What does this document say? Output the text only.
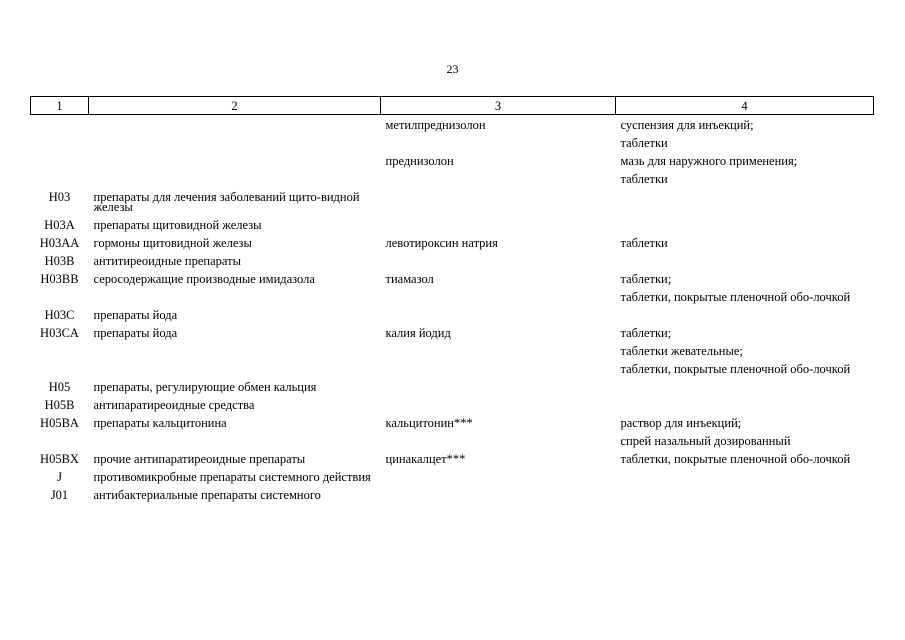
23
1	2	3	4
		метилпреднизолон	суспензия для инъекций;
			таблетки
		преднизолон	мазь для наружного применения;
			таблетки
H03	препараты для лечения заболеваний щито-видной железы		
H03A	препараты щитовидной железы		
H03AA	гормоны щитовидной железы	левотироксин натрия	таблетки
H03B	антитиреоидные препараты		
H03BB	серосодержащие производные имидазола	тиамазол	таблетки;
			таблетки, покрытые пленочной обо-лочкой
H03C	препараты йода		
H03CA	препараты йода	калия йодид	таблетки;
			таблетки жевательные;
			таблетки, покрытые пленочной обо-лочкой
H05	препараты, регулирующие обмен кальция		
H05B	антипаратиреоидные средства		
H05BA	препараты кальцитонина	кальцитонин***	раствор для инъекций;
			спрей назальный дозированный
H05BX	прочие антипаратиреоидные препараты	цинакалцет***	таблетки, покрытые пленочной обо-лочкой
J	противомикробные препараты системного действия		
J01	антибактериальные препараты системного		
